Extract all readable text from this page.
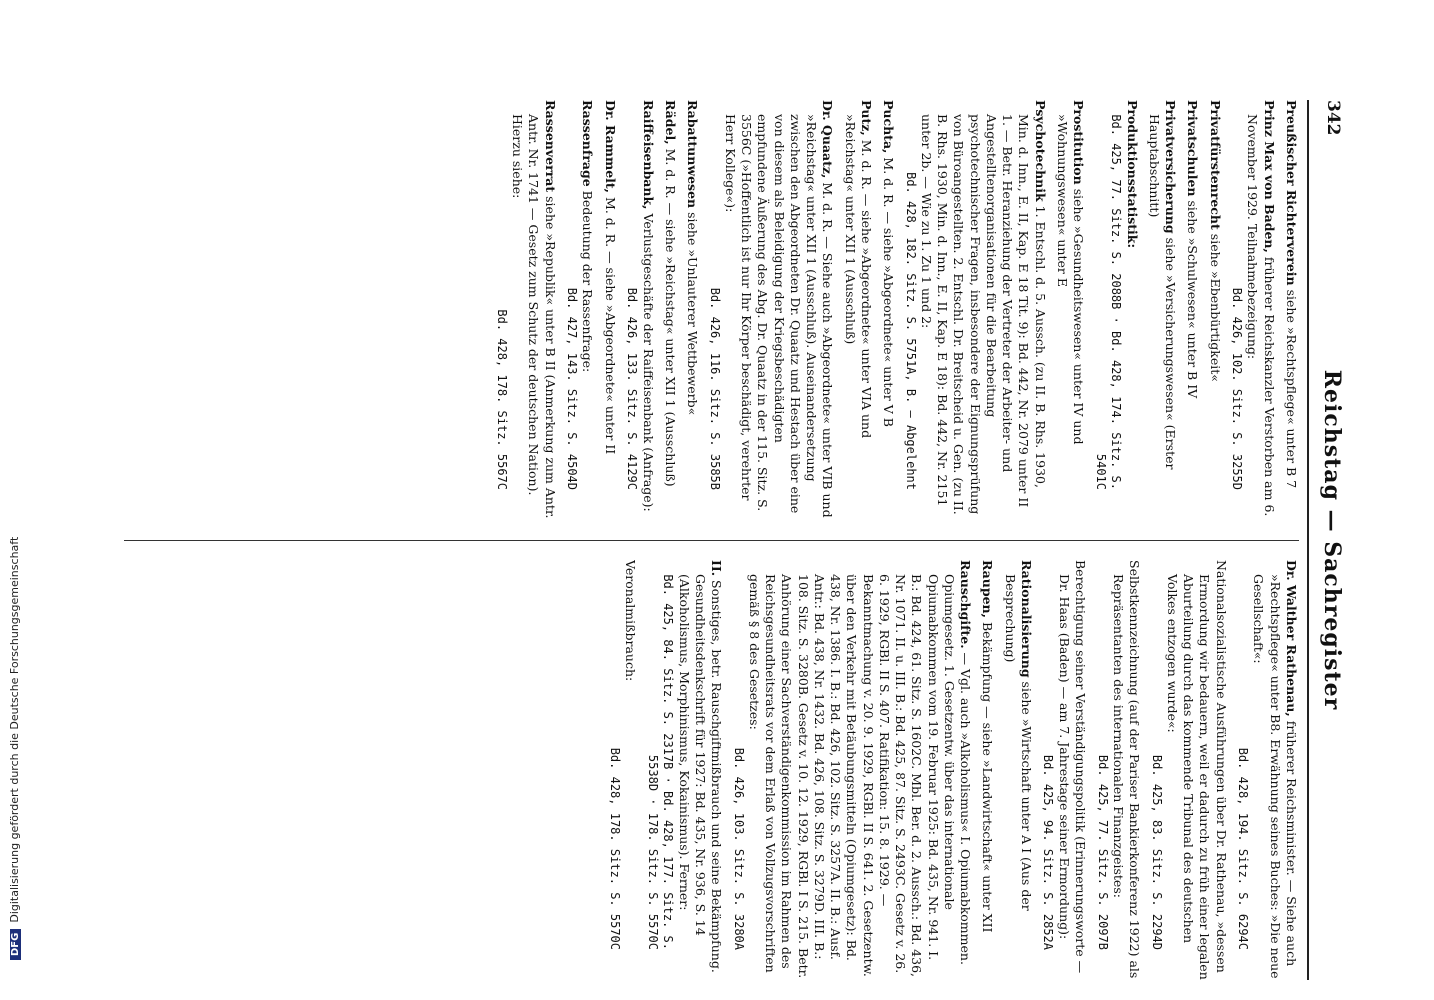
342
Reichstag — Sachregister
Preußischer Richterverein siehe »Rechtspflege« unter B 7
Prinz Max von Baden, früherer Reichskanzler Verstorben am 6. November 1929. Teilnahmebezeigung:
Bd. 426, 102. Sitz. S. 3255D
Privatfürstenrecht siehe »Ebenbürtigkeit«
Privatschulen siehe »Schulwesen« unter B IV
Privatversicherung siehe »Versicherungswesen« (Erster Hauptabschnitt)
Produktionsstatistik:
Bd. 425, 77. Sitz. S. 2088B · Bd. 428, 174. Sitz. S. 5401C
Prostitution siehe »Gesundheitswesen« unter IV und »Wohnungswesen« unter E
Psychotechnik 1. Entschl. d. 5. Aussch. (zu II. B. Rhs. 1930, Min. d. Inn., E. II, Kap. E 18 Tit. 9): Bd. 442, Nr. 2079 unter II 1. — Betr. Heranziehung der Vertreter der Arbeiter- und Angestelltenorganisationen für die Bearbeitung psychotechnischer Fragen, insbesondere der Eignungsprüfung von Büroangestellten. 2. Entschl. Dr. Breitscheid u. Gen. (zu II. B. Rhs. 1930, Min. d. Inn., E. II, Kap. E 18): Bd. 442, Nr. 2151 unter 2b. — Wie zu 1. Zu 1 und 2:
Bd. 428, 182. Sitz. S. 5751A, B. — Abgelehnt
Puchta, M. d. R. — siehe »Abgeordnete« unter V B
Putz, M. d. R. — siehe »Abgeordnete« unter VIA und »Reichstag« unter XII 1 (Ausschluß)
Dr. Quaatz, M. d. R. — Siehe auch »Abgeordnete« unter VIB und »Reichstag« unter XII 1 (Ausschluß). Auseinandersetzung zwischen den Abgeordneten Dr. Quaatz und Hestach über eine von diesem als Beleidigung der Kriegsbeschädigten empfundene Äußerung des Abg. Dr. Quaatz in der 115. Sitz. S. 3556C (»Hoffentlich ist nur Ihr Körper beschädigt, verehrter Herr Kollege«):
Bd. 426, 116. Sitz. S. 3585B
Rabattunwesen siehe »Unlauterer Wettbewerb«
Rädel, M. d. R. — siehe »Reichstag« unter XII 1 (Ausschluß)
Raiffeisenbank, Verlustgeschäfte der Raiffeisenbank (Anfrage):
Bd. 426, 133. Sitz. S. 4129C
Dr. Rammelt, M. d. R. — siehe »Abgeordnete« unter II
Rassenfrage Bedeutung der Rassenfrage:
Bd. 427, 143. Sitz. S. 4504D
Rassenverrat siehe »Republik« unter B II (Anmerkung zum Antr. Antr. Nr. 1741 — Gesetz zum Schutz der deutschen Nation). Hierzu siehe:
Bd. 428, 178. Sitz. 5567C
Dr. Walther Rathenau, früherer Reichsminister. — Siehe auch »Rechtspflege« unter B8. Erwähnung seines Buches: »Die neue Gesellschaft«:
Bd. 428, 194. Sitz. S. 6294C
Nationalsozialistische Ausführungen über Dr. Rathenau, »dessen Ermordung wir bedauern, weil er dadurch zu früh einer legalen Aburteilung durch das kommende Tribunal des deutschen Volkes entzogen wurde«:
Bd. 425, 83. Sitz. S. 2294D
Selbstkennzeichnung (auf der Pariser Bankierkonferenz 1922) als Repräsentanten des internationalen Finanzgeistes:
Bd. 425, 77. Sitz. S. 2097B
Berechtigung seiner Verständigungspolitik (Erinnerungsworte — Dr. Haas (Baden) — am 7. Jahrestage seiner Ermordung):
Bd. 425, 94. Sitz. S. 2852A
Rationalisierung siehe »Wirtschaft unter A I (Aus der Besprechung)
Raupen, Bekämpfung — siehe »Landwirtschaft« unter XII
Rauschgifte. — Vgl. auch »Alkoholismus« I. Opiumabkommen. Opiumgesetz. 1. Gesetzentw. über das internationale Opiumabkommen vom 19. Februar 1925: Bd. 435, Nr. 941. I. B.: Bd. 424, 61. Sitz. S. 1602C. Mbl. Ber. d. 2. Aussch.: Bd. 436, Nr. 1071. II. u. III. B.: Bd. 425, 87. Sitz. S. 2493C. Gesetz v. 26. 6. 1929, RGBl. II S. 407. Ratifikation: 15. 8. 1929. — Bekanntmachung v. 20. 9. 1929, RGBl. II S. 641. 2. Gesetzentw. über den Verkehr mit Betäubungsmitteln (Opiumgesetz): Bd. 438, Nr. 1386. I. B.: Bd. 426, 102. Sitz. S. 3257A. II. B.: Ausf. Antr.: Bd. 438, Nr. 1432. Bd. 426, 108. Sitz. S. 3279D. III. B.: 108. Sitz. S. 3280B. Gesetz v. 10. 12. 1929, RGBl. I S. 215. Betr. Anhörung einer Sachverständigenkommission im Rahmen des Reichsgesundheitsrats vor dem Erlaß von Vollzugsvorschriften gemäß § 8 des Gesetzes:
Bd. 426, 103. Sitz. S. 3280A
II. Sonstiges, betr. Rauschgiftmißbrauch und seine Bekämpfung. Gesundheitsdenkschrift für 1927: Bd. 435, Nr. 936, S. 14 (Alkoholismus, Morphinismus, Kokainismus). Ferner:
Bd. 425, 84. Sitz. S. 2317B · Bd. 428, 177. Sitz. S. 5538D · 178. Sitz. S. 5570C
Veronalmißbrauch:
Bd. 428, 178. Sitz. S. 5570C
DFGDigitalisierung gefördert durch die Deutsche Forschungsgemeinschaft
